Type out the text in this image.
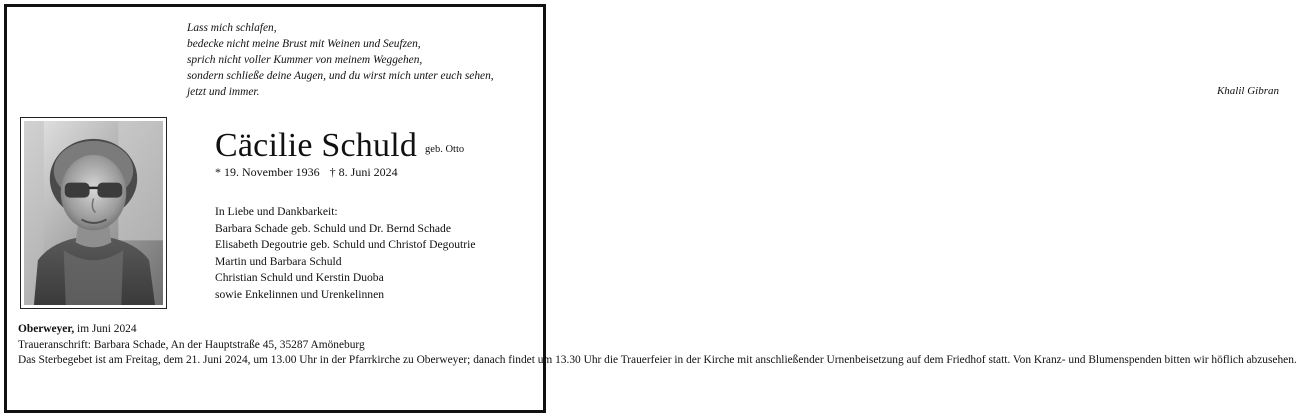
Lass mich schlafen,
bedecke nicht meine Brust mit Weinen und Seufzen,
sprich nicht voller Kummer von meinem Weggehen,
sondern schließe deine Augen, und du wirst mich unter euch sehen,
jetzt und immer.	Khalil Gibran
Cäcilie Schuld $^{geb. Otto}$
* 19. November 1936 † 8. Juni 2024
In Liebe und Dankbarkeit:
Barbara Schade geb. Schuld und Dr. Bernd Schade
Elisabeth Degoutrie geb. Schuld und Christof Degoutrie
Martin und Barbara Schuld
Christian Schuld und Kerstin Duoba
sowie Enkelinnen und Urenkelinnen
Oberweyer, im Juni 2024
Traueranschrift: Barbara Schade, An der Hauptstraße 45, 35287 Amöneburg
Das Sterbegebet ist am Freitag, dem 21. Juni 2024, um 13.00 Uhr in der Pfarrkirche zu Oberweyer; danach findet um 13.30 Uhr die Trauerfeier in der Kirche mit anschließender Urnenbeisetzung auf dem Friedhof statt. Von Kranz- und Blumenspenden bitten wir höflich abzusehen.
